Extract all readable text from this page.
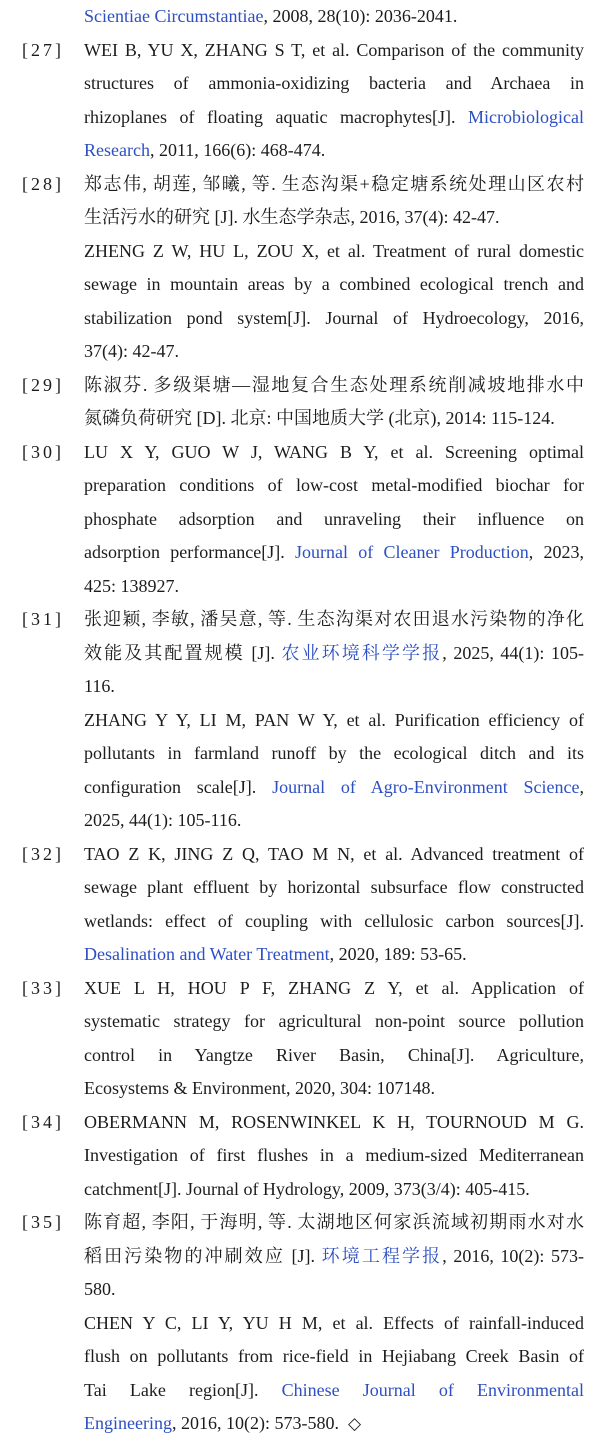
Scientiae Circumstantiae, 2008, 28(10): 2036-2041.
[27] WEI B, YU X, ZHANG S T, et al. Comparison of the community
structures of ammonia-oxidizing bacteria and Archaea in
rhizoplanes of floating aquatic macrophytes[J]. Microbiological
Research, 2011, 166(6): 468-474.
[28] 郑志伟, 胡莲, 邹曦, 等. 生态沟渠+稳定塘系统处理山区农村
生活污水的研究 [J]. 水生态学杂志, 2016, 37(4): 42-47.
ZHENG Z W, HU L, ZOU X, et al. Treatment of rural domestic
sewage in mountain areas by a combined ecological trench and
stabilization pond system[J]. Journal of Hydroecology, 2016,
37(4): 42-47.
[29] 陈淑芬. 多级渠塘—湿地复合生态处理系统削减坡地排水中
氮磷负荷研究 [D]. 北京: 中国地质大学 (北京), 2014: 115-124.
[30] LU X Y, GUO W J, WANG B Y, et al. Screening optimal
preparation conditions of low-cost metal-modified biochar for
phosphate adsorption and unraveling their influence on
adsorption performance[J]. Journal of Cleaner Production, 2023,
425: 138927.
[31] 张迎颖, 李敏, 潘吴意, 等. 生态沟渠对农田退水污染物的净化
效能及其配置规模 [J]. 农业环境科学学报, 2025, 44(1): 105-
116.
ZHANG Y Y, LI M, PAN W Y, et al. Purification efficiency of
pollutants in farmland runoff by the ecological ditch and its
configuration scale[J]. Journal of Agro-Environment Science,
2025, 44(1): 105-116.
[32] TAO Z K, JING Z Q, TAO M N, et al. Advanced treatment of
sewage plant effluent by horizontal subsurface flow constructed
wetlands: effect of coupling with cellulosic carbon sources[J].
Desalination and Water Treatment, 2020, 189: 53-65.
[33] XUE L H, HOU P F, ZHANG Z Y, et al. Application of
systematic strategy for agricultural non-point source pollution
control in Yangtze River Basin, China[J]. Agriculture,
Ecosystems & Environment, 2020, 304: 107148.
[34] OBERMANN M, ROSENWINKEL K H, TOURNOUD M G.
Investigation of first flushes in a medium-sized Mediterranean
catchment[J]. Journal of Hydrology, 2009, 373(3/4): 405-415.
[35] 陈育超, 李阳, 于海明, 等. 太湖地区何家浜流域初期雨水对水
稻田污染物的冲刷效应 [J]. 环境工程学报, 2016, 10(2): 573-
580.
CHEN Y C, LI Y, YU H M, et al. Effects of rainfall-induced
flush on pollutants from rice-field in Hejiabang Creek Basin of
Tai Lake region[J]. Chinese Journal of Environmental
Engineering, 2016, 10(2): 573-580. ◇
